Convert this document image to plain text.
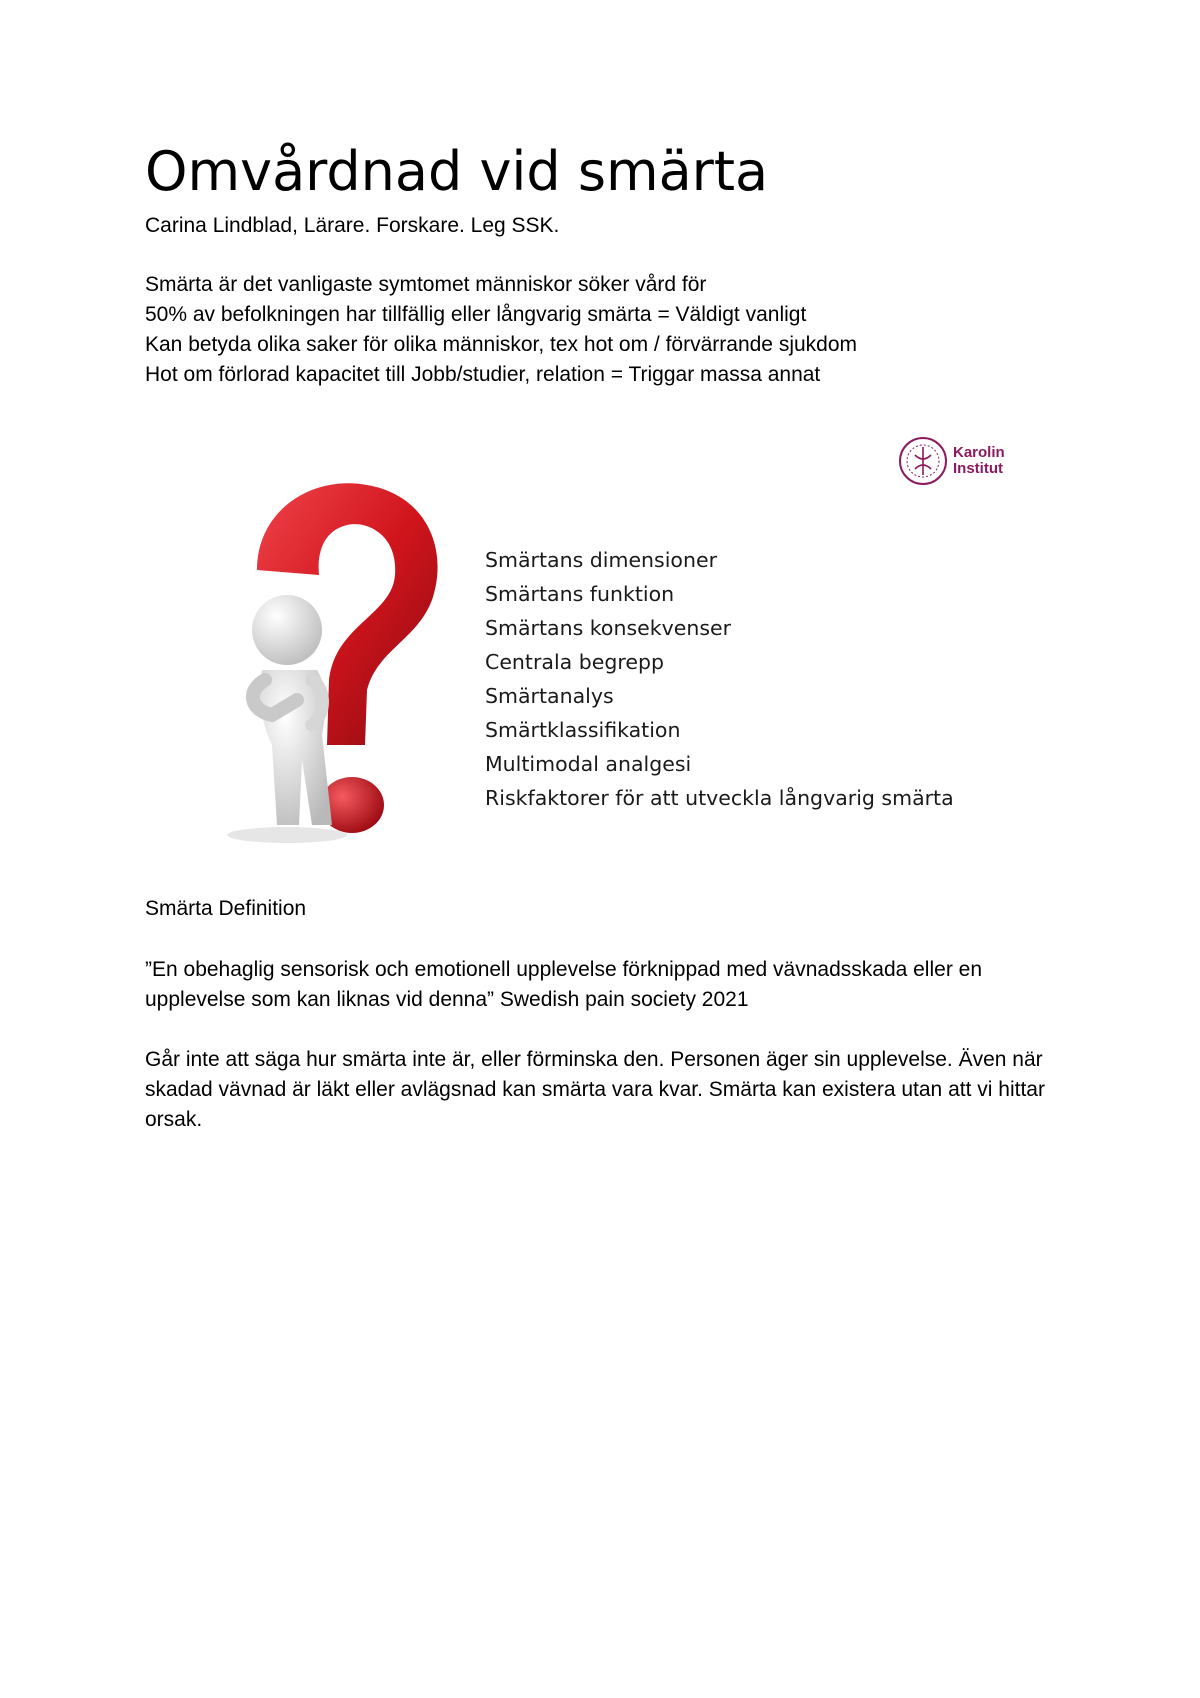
Omvårdnad vid smärta

Carina Lindblad, Lärare. Forskare. Leg SSK.

Smärta är det vanligaste symtomet människor söker vård för
50% av befolkningen har tillfällig eller långvarig smärta = Väldigt vanligt
Kan betyda olika saker för olika människor, tex hot om / förvärrande sjukdom
Hot om förlorad kapacitet till Jobb/studier, relation = Triggar massa annat
Karolin
Institut
Smärtans dimensioner
Smärtans funktion
Smärtans konsekvenser
Centrala begrepp
Smärtanalys
Smärtklassifikation
Multimodal analgesi
Riskfaktorer för att utveckla långvarig smärta

Smärta Definition

”En obehaglig sensorisk och emotionell upplevelse förknippad med vävnadsskada eller en upplevelse som kan liknas vid denna” Swedish pain society 2021

Går inte att säga hur smärta inte är, eller förminska den. Personen äger sin upplevelse. Även när skadad vävnad är läkt eller avlägsnad kan smärta vara kvar. Smärta kan existera utan att vi hittar orsak.
